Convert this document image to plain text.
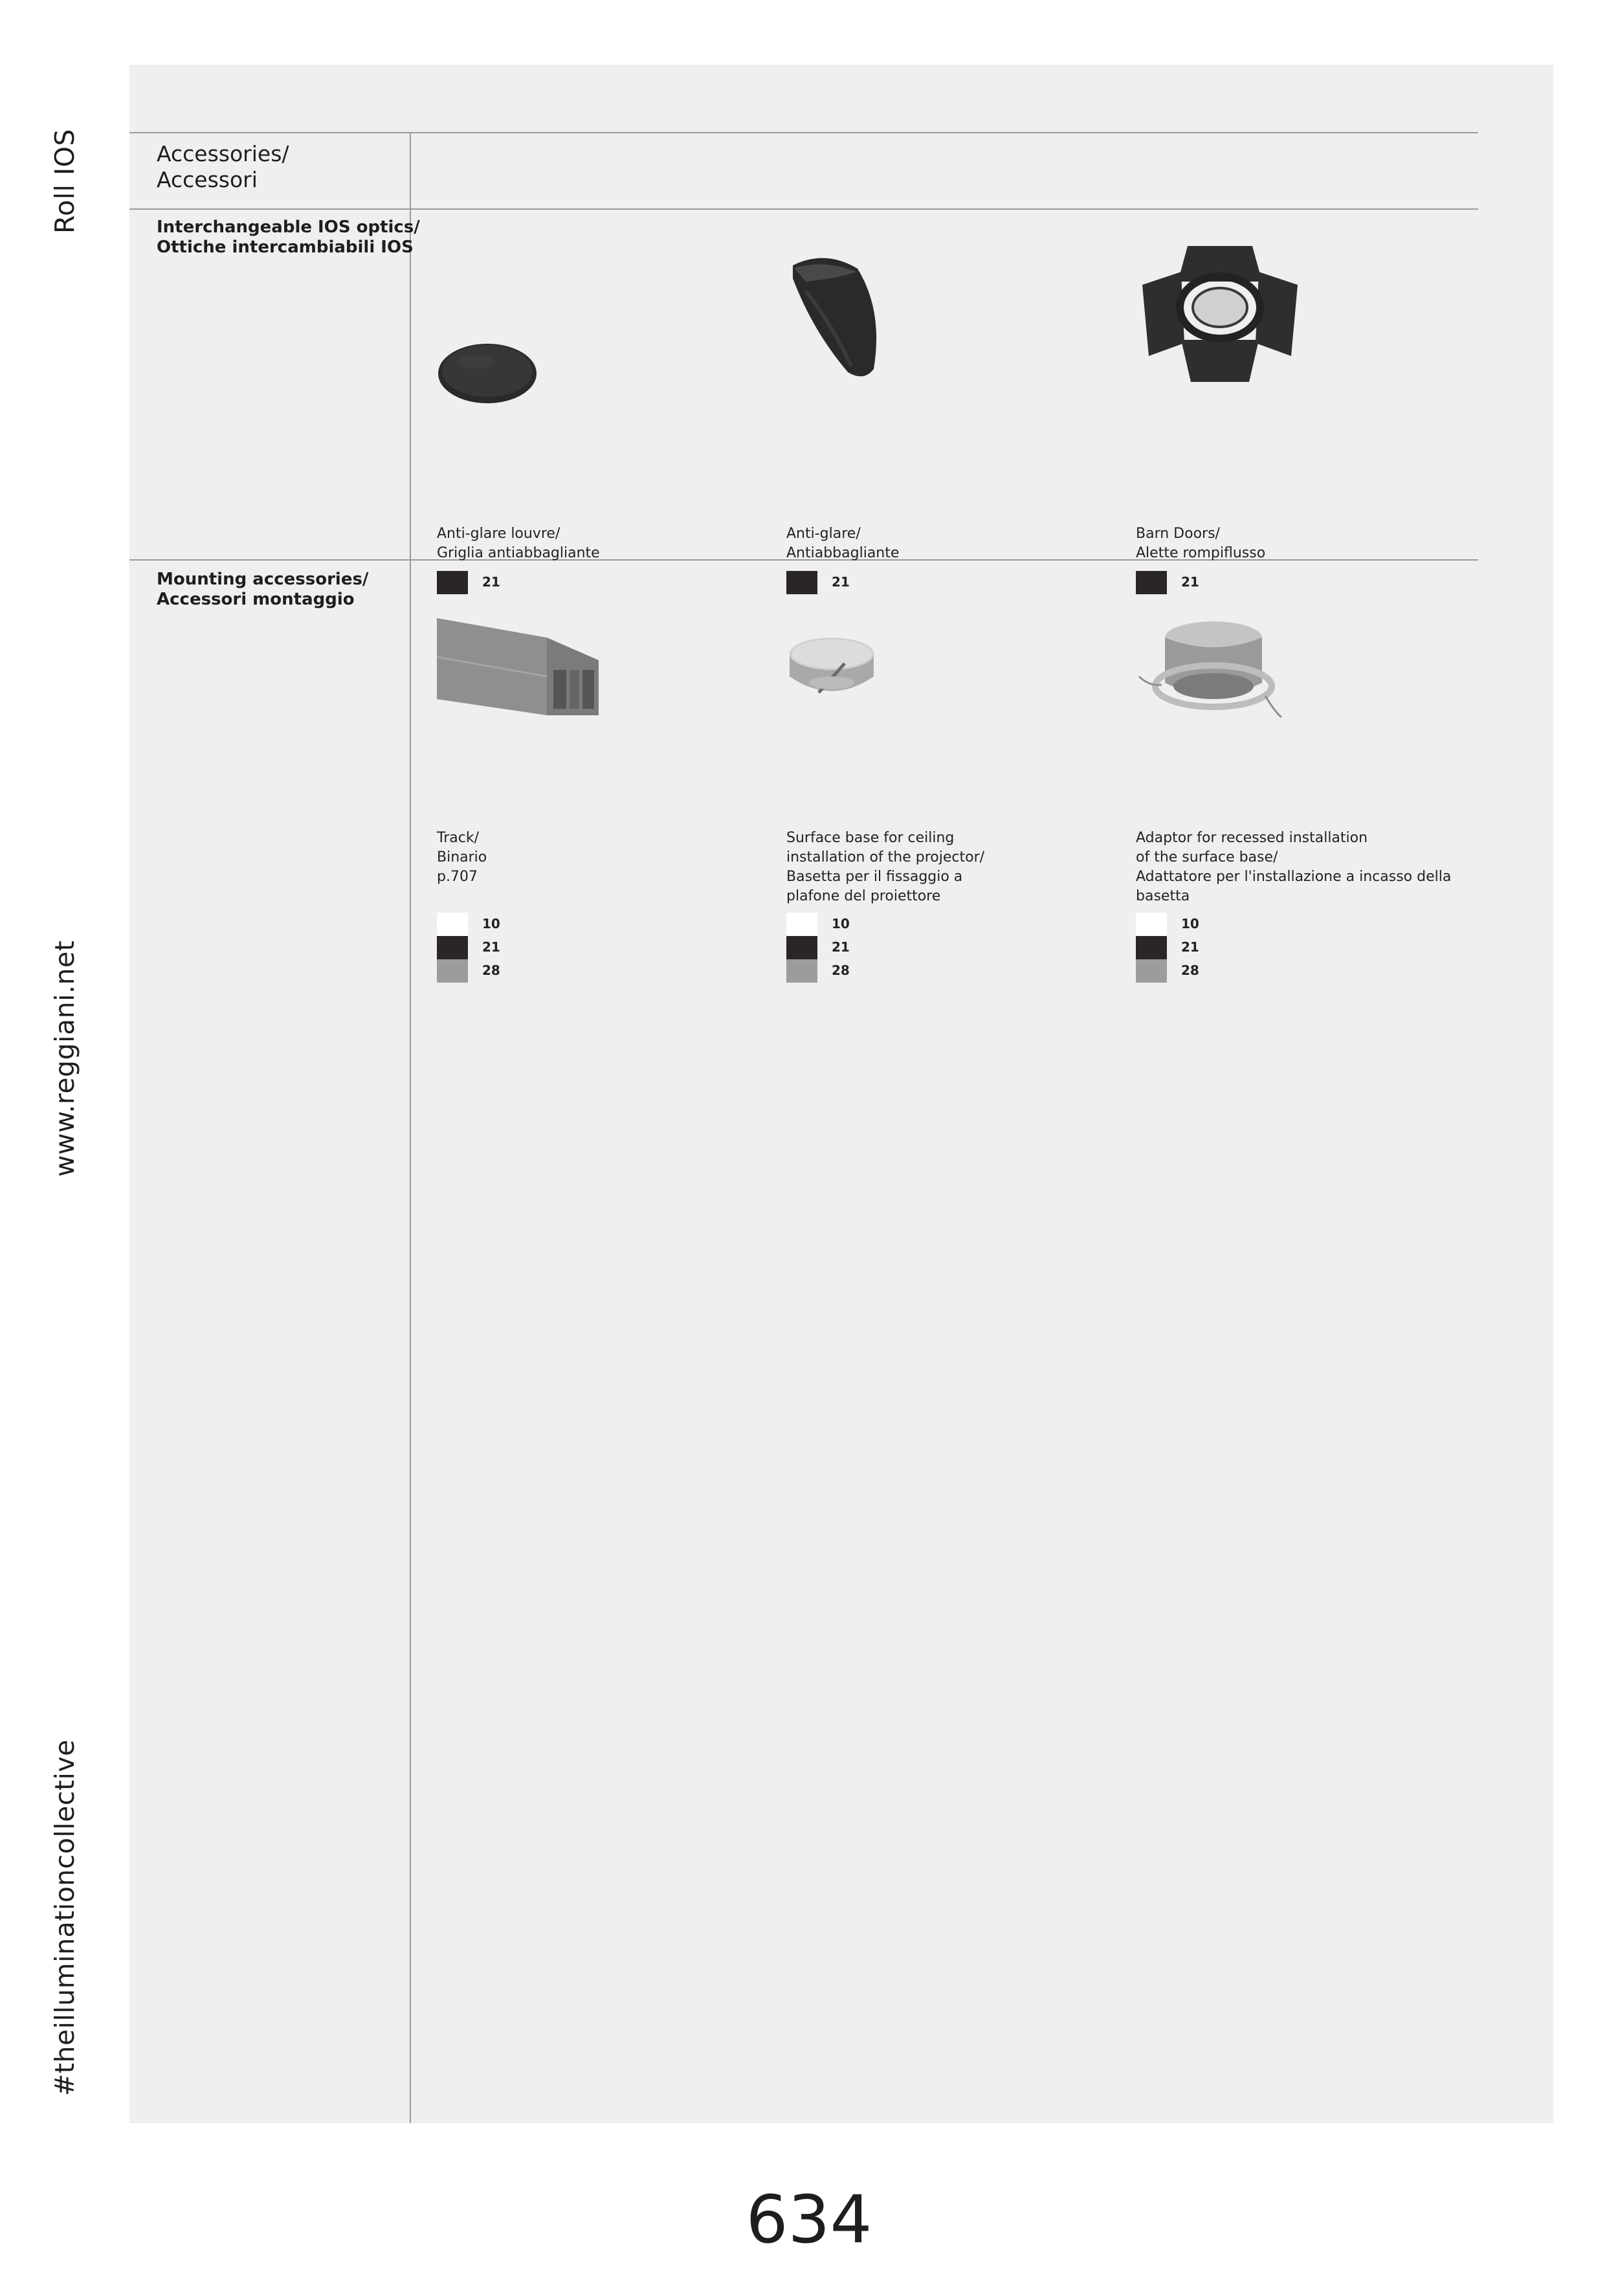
Roll IOS
www.reggiani.net
#theilluminationcollective
Accessories/
Accessori
Interchangeable IOS optics/
Ottiche intercambiabili IOS
Anti-glare louvre/
Griglia antiabbagliante
21
Anti-glare/
Antiabbagliante
21
Barn Doors/
Alette rompiflusso
21
Mounting accessories/
Accessori montaggio
Track/
Binario
p.707
10
21
28
Surface base for ceiling
installation of the projector/
Basetta per il fissaggio a
plafone del proiettore
10
21
28
Adaptor for recessed installation
of the surface base/
Adattatore per l'installazione a incasso della
basetta
10
21
28
634
